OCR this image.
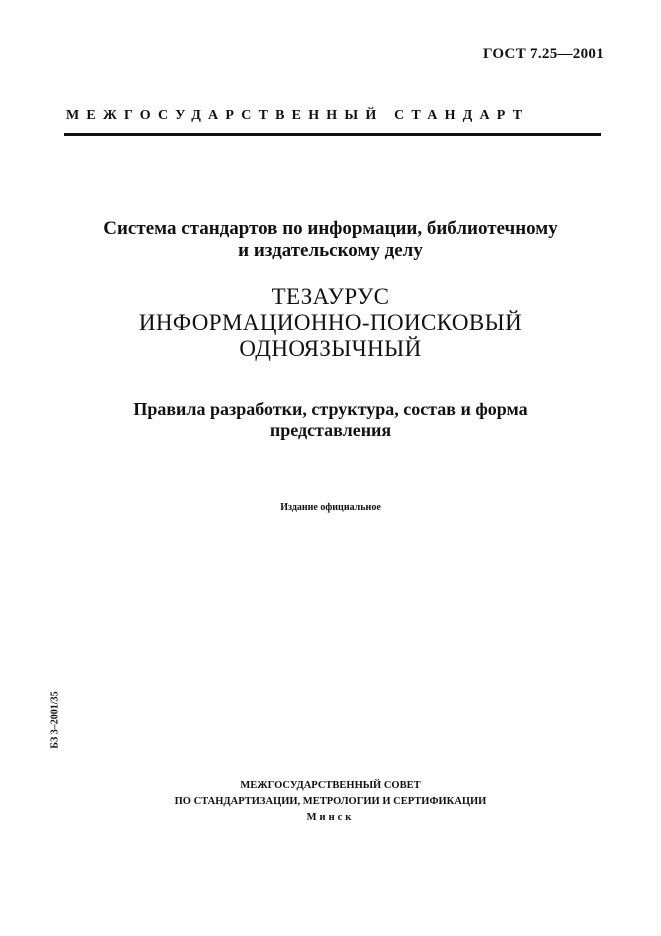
ГОСТ 7.25—2001
МЕЖГОСУДАРСТВЕННЫЙ СТАНДАРТ
Система стандартов по информации, библиотечному
и издательскому делу
ТЕЗАУРУС
ИНФОРМАЦИОННО-ПОИСКОВЫЙ
ОДНОЯЗЫЧНЫЙ
Правила разработки, структура, состав и форма
представления
Издание официальное
БЗ 3–2001/35
МЕЖГОСУДАРСТВЕННЫЙ СОВЕТ
ПО СТАНДАРТИЗАЦИИ, МЕТРОЛОГИИ И СЕРТИФИКАЦИИ
Минск
